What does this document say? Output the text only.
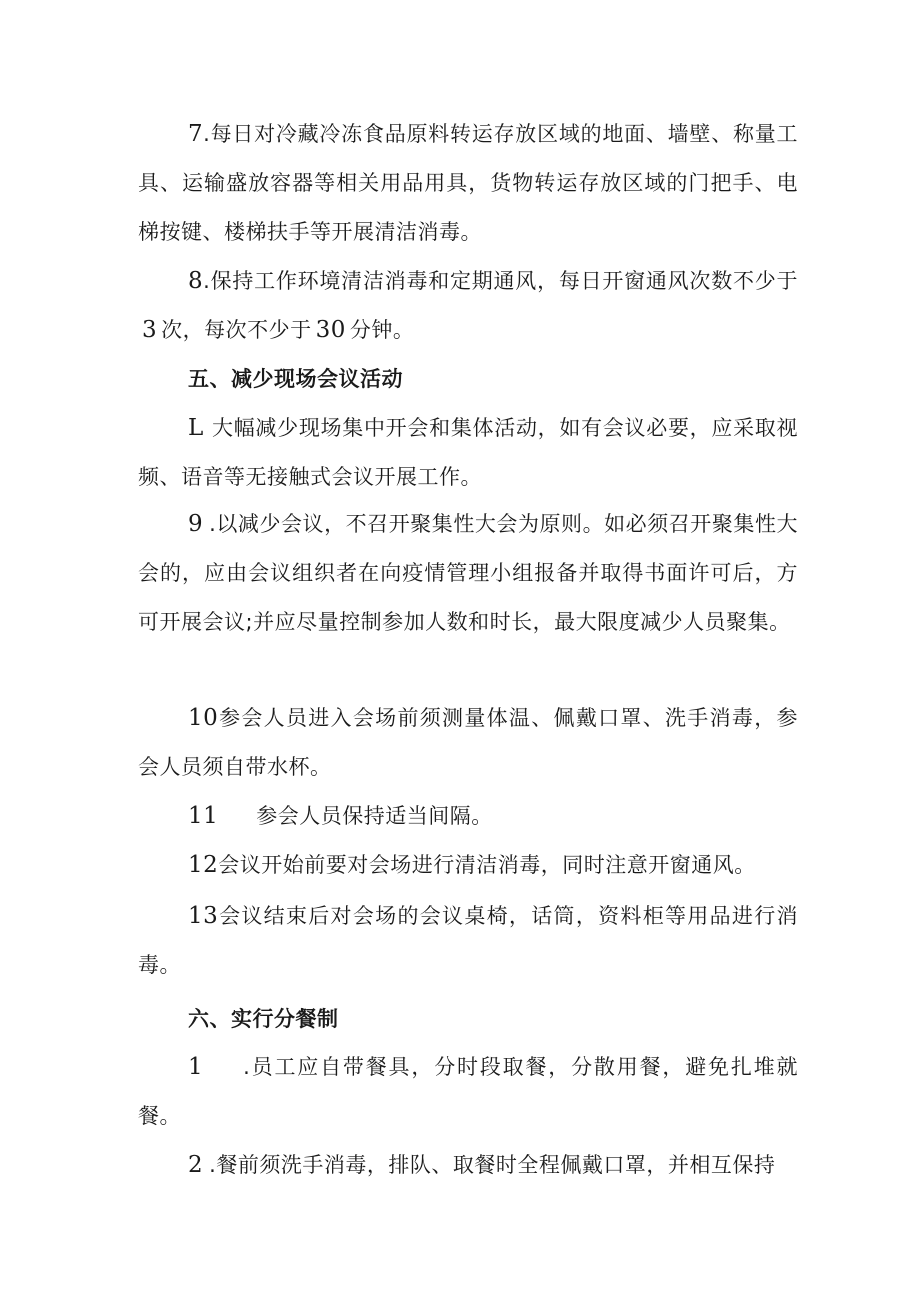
7.每日对冷藏冷冻食品原料转运存放区域的地面、墙壁、称量工具、运输盛放容器等相关用品用具，货物转运存放区域的门把手、电梯按键、楼梯扶手等开展清洁消毒。

8.保持工作环境清洁消毒和定期通风，每日开窗通风次数不少于3 次，每次不少于 30 分钟。

五、减少现场会议活动

L 大幅减少现场集中开会和集体活动，如有会议必要，应采取视频、语音等无接触式会议开展工作。

9 .以减少会议，不召开聚集性大会为原则。如必须召开聚集性大会的，应由会议组织者在向疫情管理小组报备并取得书面许可后，方可开展会议;并应尽量控制参加人数和时长，最大限度减少人员聚集。

10参会人员进入会场前须测量体温、佩戴口罩、洗手消毒，参会人员须自带水杯。

11 参会人员保持适当间隔。

12会议开始前要对会场进行清洁消毒，同时注意开窗通风。

13会议结束后对会场的会议桌椅，话筒，资料柜等用品进行消毒。

六、实行分餐制

1 .员工应自带餐具，分时段取餐，分散用餐，避免扎堆就餐。

2 .餐前须洗手消毒，排队、取餐时全程佩戴口罩，并相互保持
